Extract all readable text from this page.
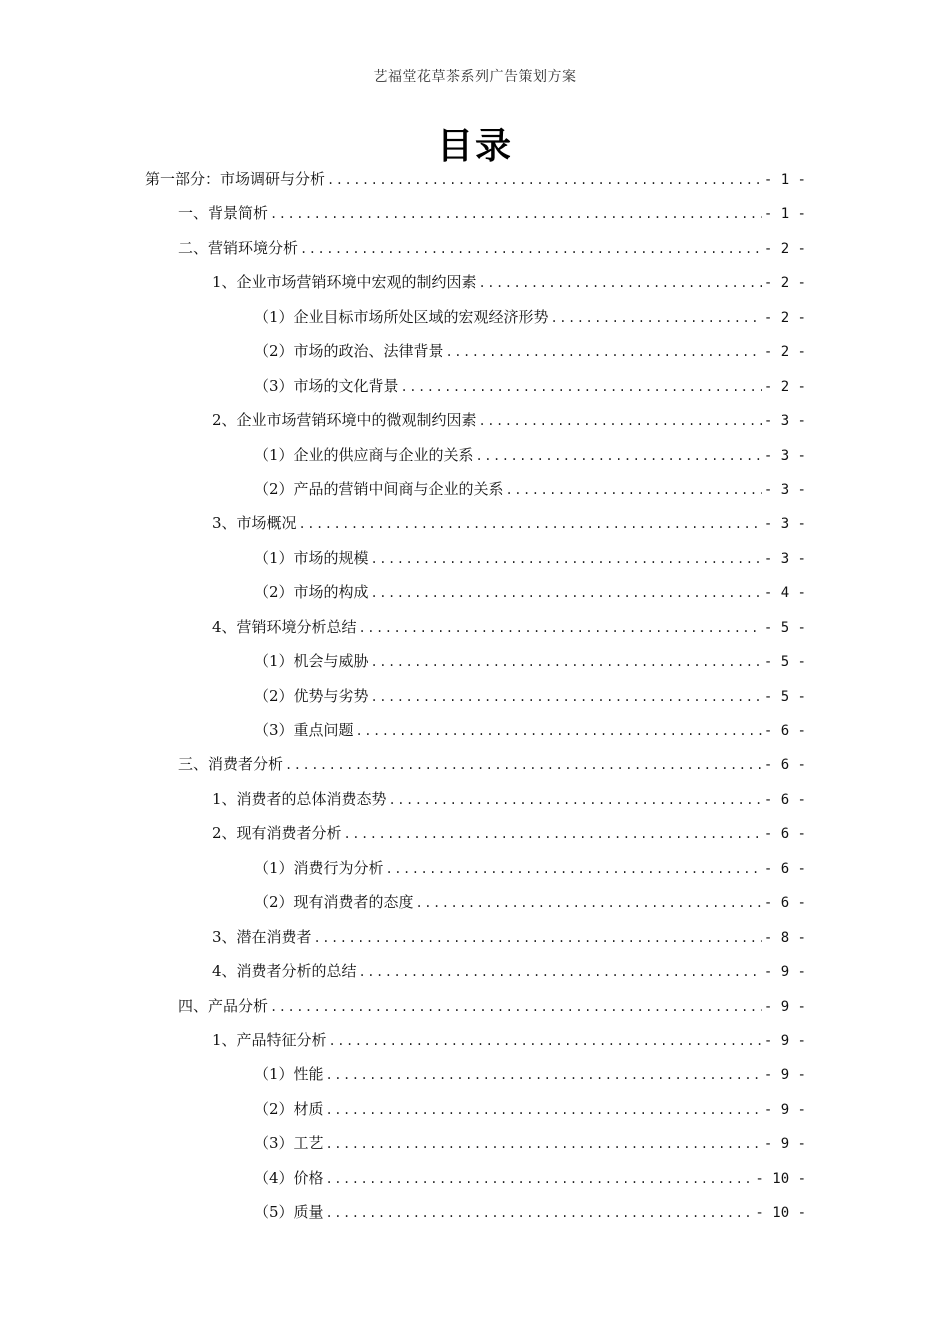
艺福堂花草茶系列广告策划方案
目录
第一部分：市场调研与分析 .....	- 1 -
一、背景简析 .....	- 1 -
二、营销环境分析 .....	- 2 -
1、企业市场营销环境中宏观的制约因素 .....	- 2 -
（1）企业目标市场所处区域的宏观经济形势 .....	- 2 -
（2）市场的政治、法律背景 .....	- 2 -
（3）市场的文化背景 .....	- 2 -
2、企业市场营销环境中的微观制约因素 .....	- 3 -
（1）企业的供应商与企业的关系 .....	- 3 -
（2）产品的营销中间商与企业的关系 .....	- 3 -
3、市场概况 .....	- 3 -
（1）市场的规模 .....	- 3 -
（2）市场的构成 .....	- 4 -
4、营销环境分析总结 .....	- 5 -
（1）机会与威胁 .....	- 5 -
（2）优势与劣势 .....	- 5 -
（3）重点问题 .....	- 6 -
三、消费者分析 .....	- 6 -
1、消费者的总体消费态势 .....	- 6 -
2、现有消费者分析 .....	- 6 -
（1）消费行为分析 .....	- 6 -
（2）现有消费者的态度 .....	- 6 -
3、潜在消费者 .....	- 8 -
4、消费者分析的总结 .....	- 9 -
四、产品分析 .....	- 9 -
1、产品特征分析 .....	- 9 -
（1）性能 .....	- 9 -
（2）材质 .....	- 9 -
（3）工艺 .....	- 9 -
（4）价格 .....	- 10 -
（5）质量 .....	- 10 -
